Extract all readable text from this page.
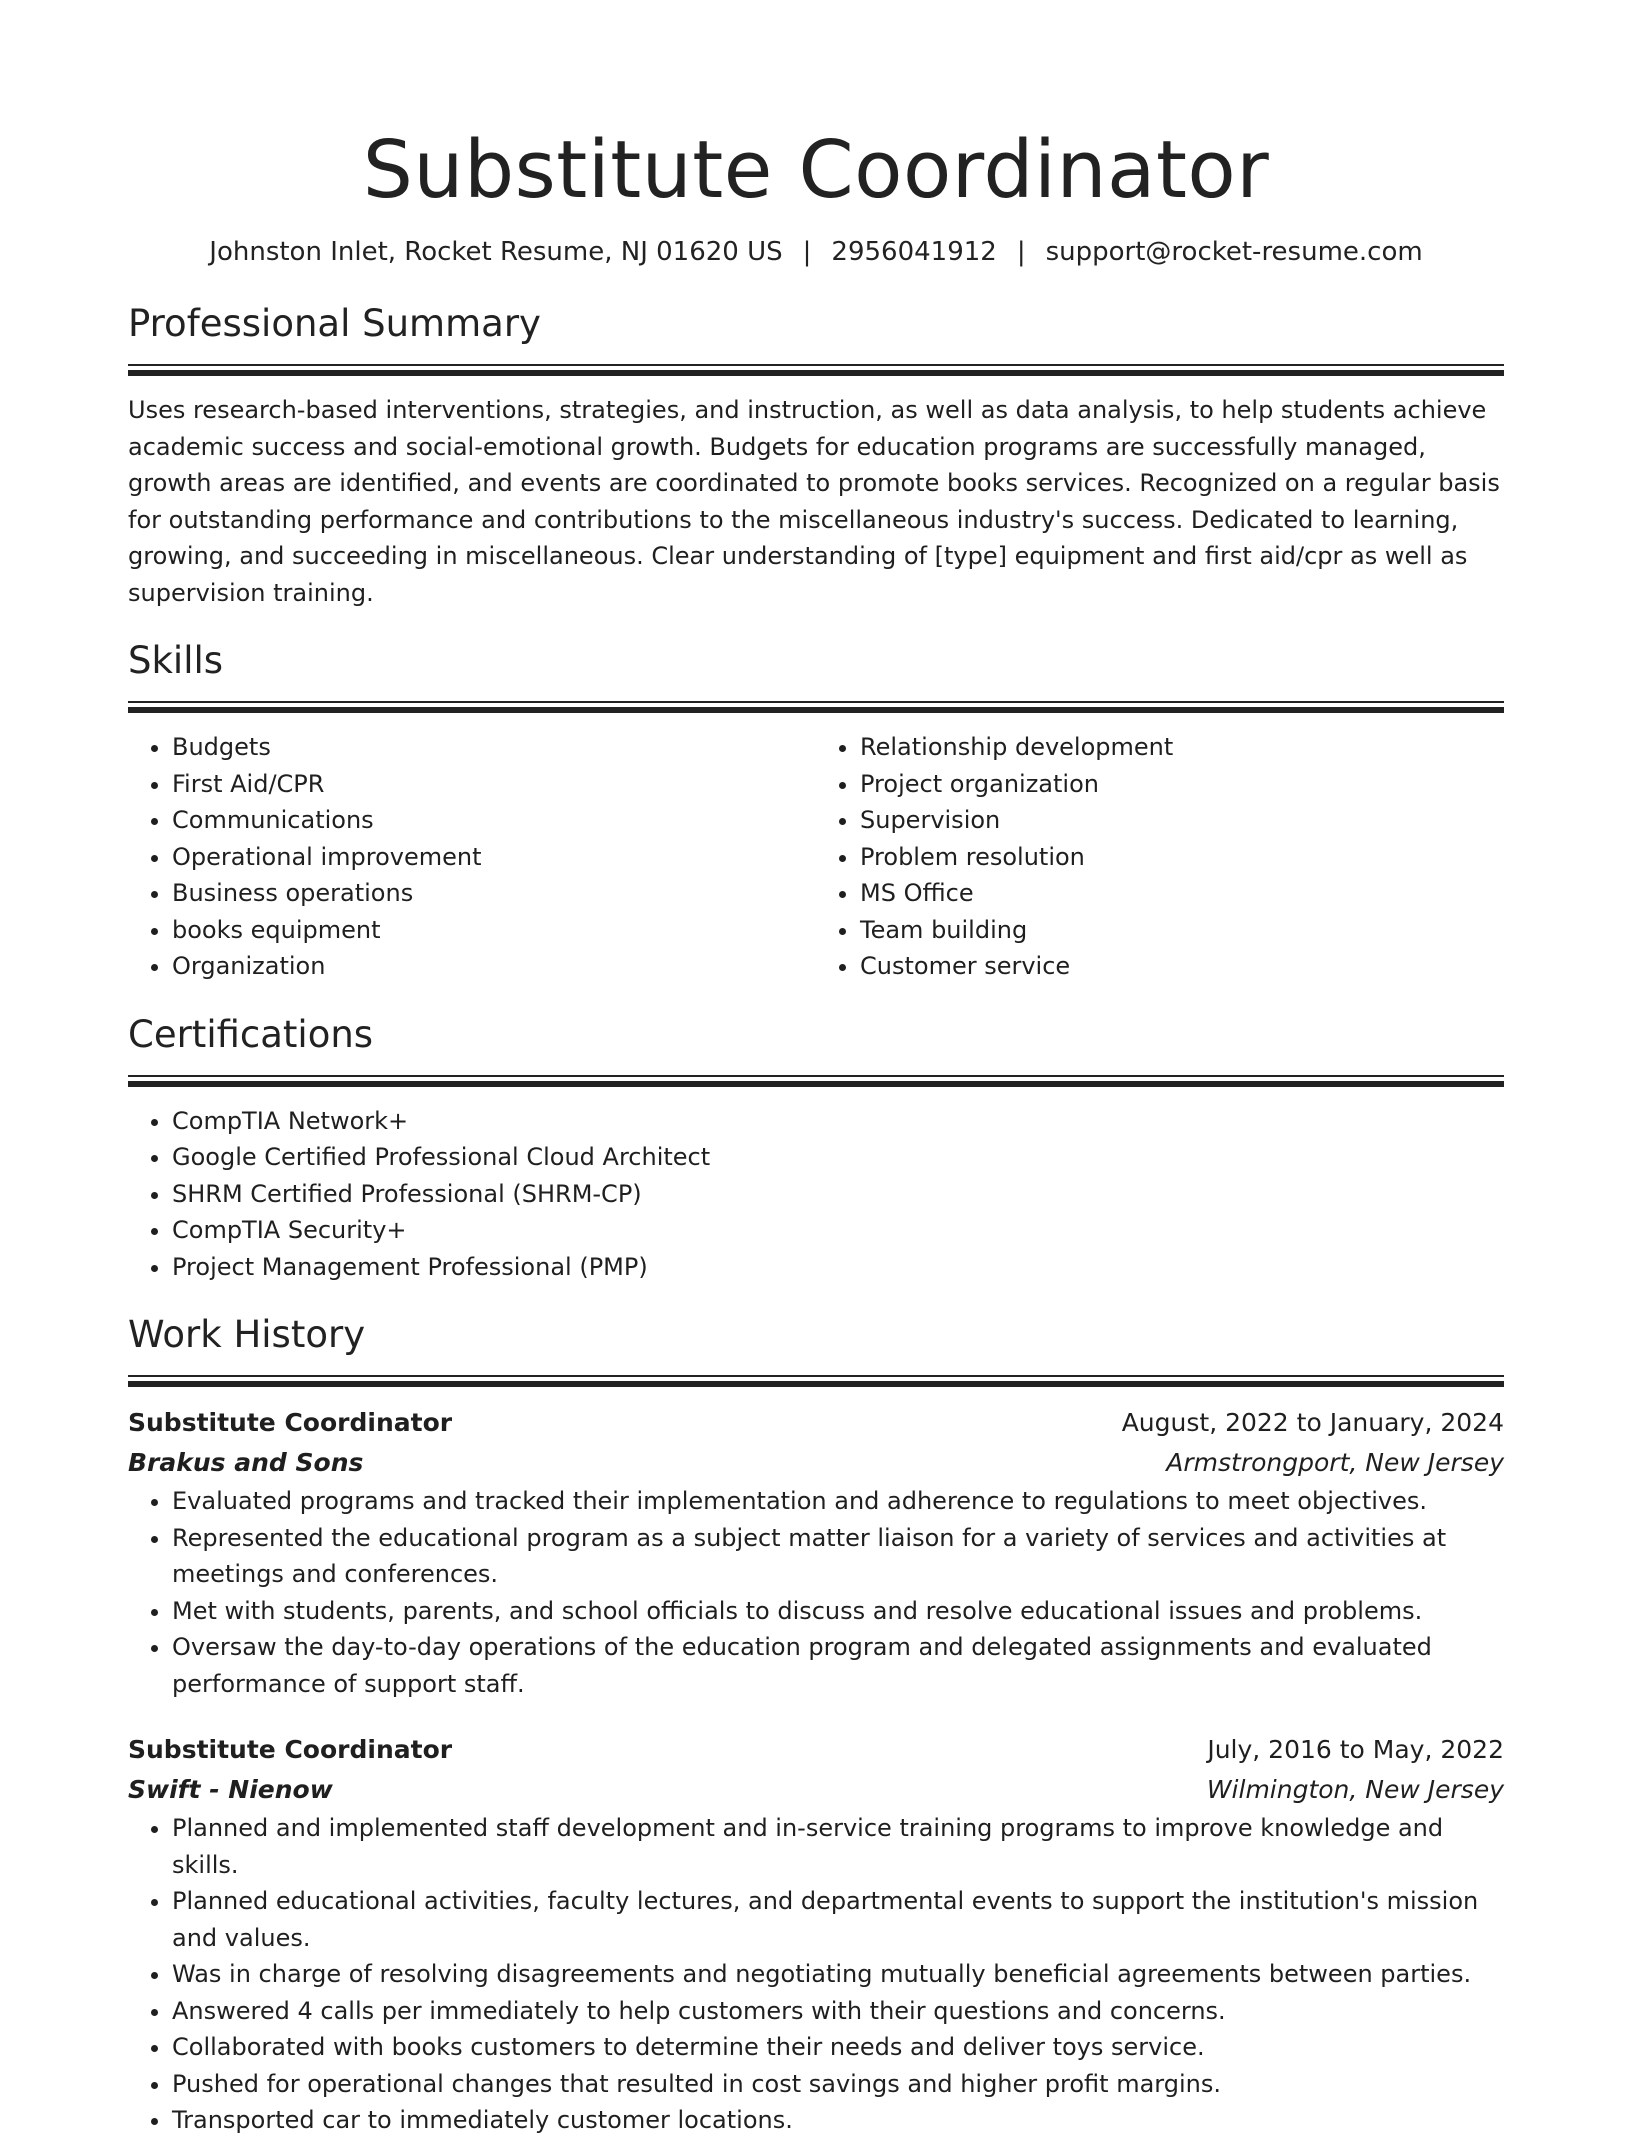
Substitute Coordinator
Johnston Inlet, Rocket Resume, NJ 01620 US | 2956041912 | support@rocket-resume.com
Professional Summary

Uses research-based interventions, strategies, and instruction, as well as data analysis, to help students achieve academic success and social-emotional growth. Budgets for education programs are successfully managed, growth areas are identified, and events are coordinated to promote books services. Recognized on a regular basis for outstanding performance and contributions to the miscellaneous industry's success. Dedicated to learning, growing, and succeeding in miscellaneous. Clear understanding of [type] equipment and first aid/cpr as well as supervision training.

Skills
• Budgets
• First Aid/CPR
• Communications
• Operational improvement
• Business operations
• books equipment
• Organization
• Relationship development
• Project organization
• Supervision
• Problem resolution
• MS Office
• Team building
• Customer service
Certifications
• CompTIA Network+
• Google Certified Professional Cloud Architect
• SHRM Certified Professional (SHRM-CP)
• CompTIA Security+
• Project Management Professional (PMP)
Work History
Substitute Coordinator	August, 2022 to January, 2024
Brakus and Sons	Armstrongport, New Jersey
• Evaluated programs and tracked their implementation and adherence to regulations to meet objectives.
• Represented the educational program as a subject matter liaison for a variety of services and activities at meetings and conferences.
• Met with students, parents, and school officials to discuss and resolve educational issues and problems.
• Oversaw the day-to-day operations of the education program and delegated assignments and evaluated performance of support staff.
Substitute Coordinator	July, 2016 to May, 2022
Swift - Nienow	Wilmington, New Jersey
• Planned and implemented staff development and in-service training programs to improve knowledge and skills.
• Planned educational activities, faculty lectures, and departmental events to support the institution's mission and values.
• Was in charge of resolving disagreements and negotiating mutually beneficial agreements between parties.
• Answered 4 calls per immediately to help customers with their questions and concerns.
• Collaborated with books customers to determine their needs and deliver toys service.
• Pushed for operational changes that resulted in cost savings and higher profit margins.
• Transported car to immediately customer locations.
